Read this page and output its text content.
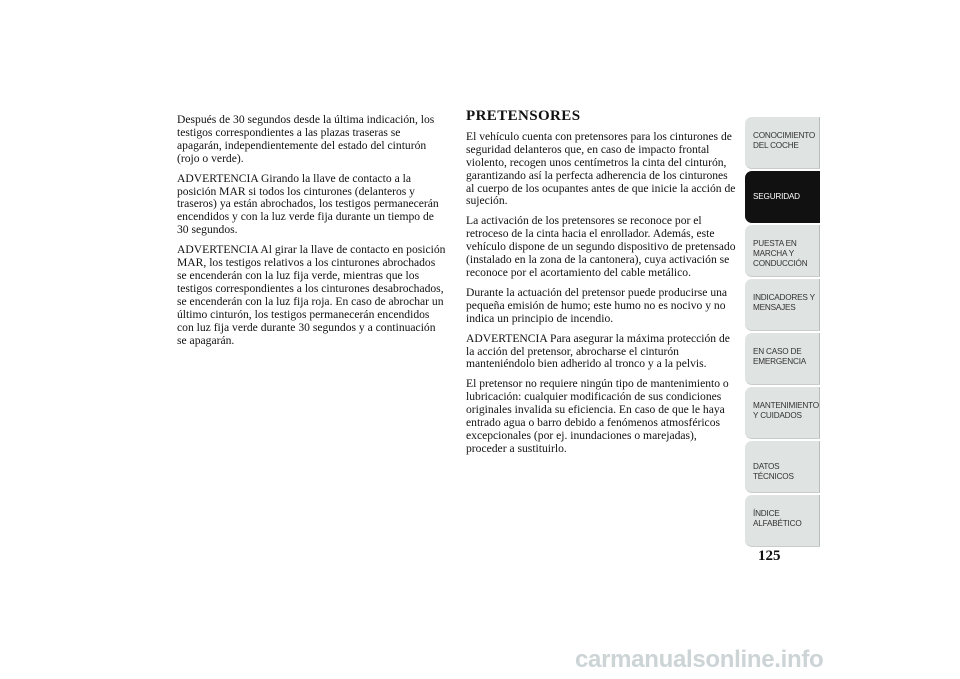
Después de 30 segundos desde la última indicación, los testigos correspondientes a las plazas traseras se apagarán, independientemente del estado del cinturón (rojo o verde).

ADVERTENCIA Girando la llave de contacto a la posición MAR si todos los cinturones (delanteros y traseros) ya están abrochados, los testigos permanecerán encendidos y con la luz verde fija durante un tiempo de 30 segundos.

ADVERTENCIA Al girar la llave de contacto en posición MAR, los testigos relativos a los cinturones abrochados se encenderán con la luz fija verde, mientras que los testigos correspondientes a los cinturones desabrochados, se encenderán con la luz fija roja. En caso de abrochar un último cinturón, los testigos permanecerán encendidos con luz fija verde durante 30 segundos y a continuación se apagarán.

PRETENSORES

El vehículo cuenta con pretensores para los cinturones de seguridad delanteros que, en caso de impacto frontal violento, recogen unos centímetros la cinta del cinturón, garantizando así la perfecta adherencia de los cinturones al cuerpo de los ocupantes antes de que inicie la acción de sujeción.

La activación de los pretensores se reconoce por el retroceso de la cinta hacia el enrollador. Además, este vehículo dispone de un segundo dispositivo de pretensado (instalado en la zona de la cantonera), cuya activación se reconoce por el acortamiento del cable metálico.

Durante la actuación del pretensor puede producirse una pequeña emisión de humo; este humo no es nocivo y no indica un principio de incendio.

ADVERTENCIA Para asegurar la máxima protección de la acción del pretensor, abrocharse el cinturón manteniéndolo bien adherido al tronco y a la pelvis.

El pretensor no requiere ningún tipo de mantenimiento o lubricación: cualquier modificación de sus condiciones originales invalida su eficiencia. En caso de que le haya entrado agua o barro debido a fenómenos atmosféricos excepcionales (por ej. inundaciones o marejadas), proceder a sustituirlo.

CONOCIMIENTO DEL COCHE
SEGURIDAD
PUESTA EN MARCHA Y CONDUCCIÓN
INDICADORES Y MENSAJES
EN CASO DE EMERGENCIA
MANTENIMIENTO Y CUIDADOS
DATOS TÉCNICOS
ÍNDICE ALFABÉTICO
125
carmanualsonline.info
